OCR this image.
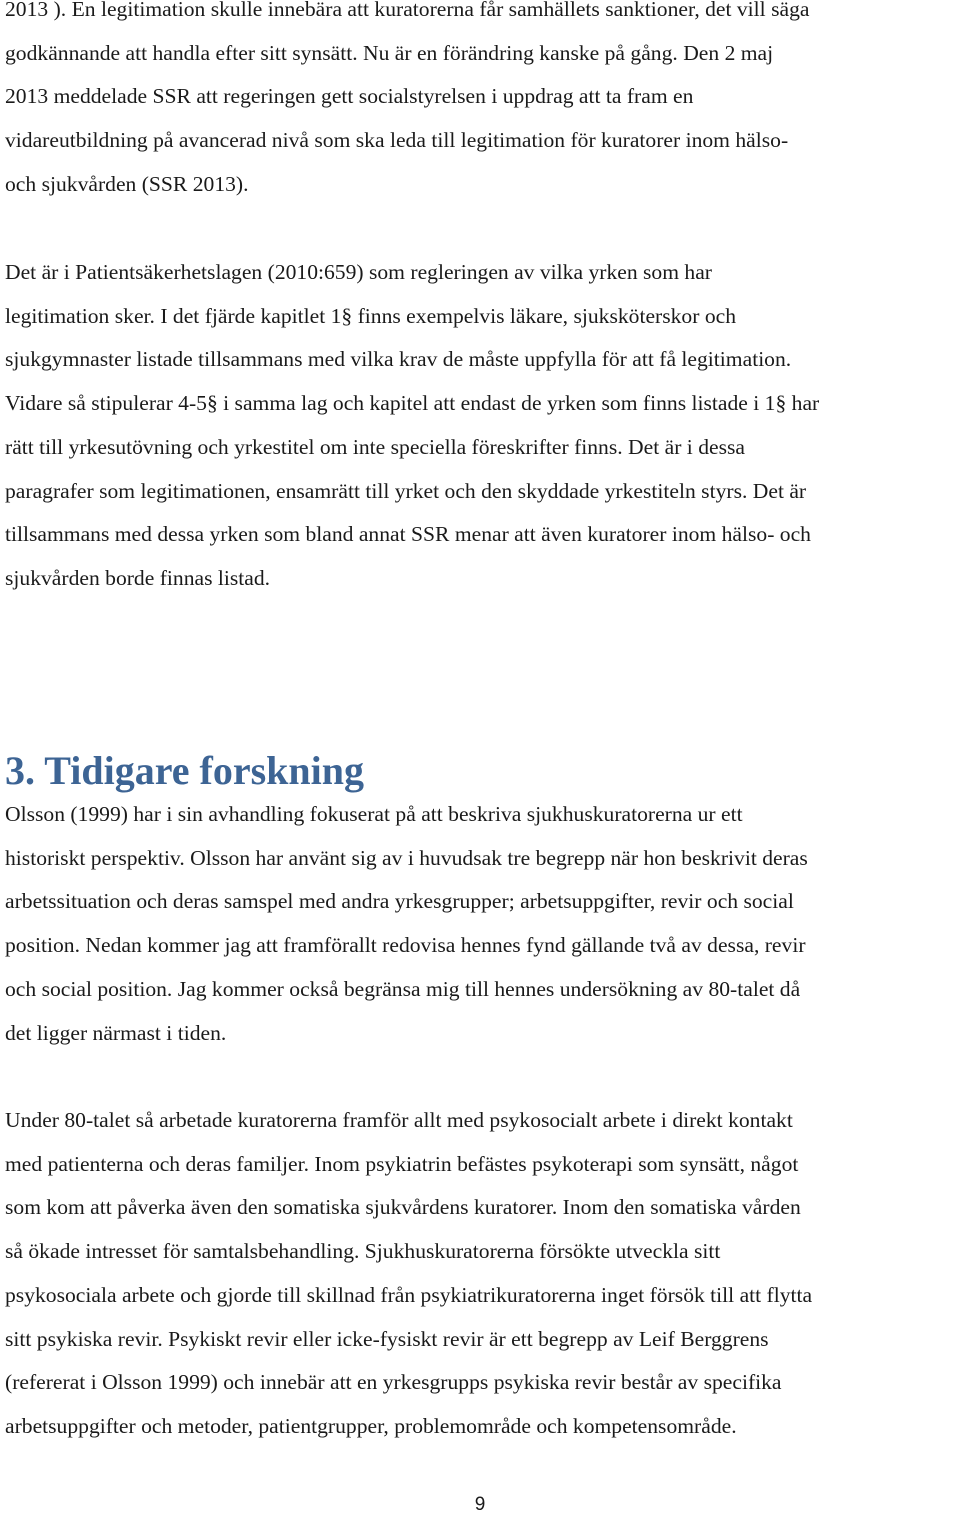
2013 ). En legitimation skulle innebära att kuratorerna får samhällets sanktioner, det vill säga
godkännande att handla efter sitt synsätt. Nu är en förändring kanske på gång. Den 2 maj
2013 meddelade SSR att regeringen gett socialstyrelsen i uppdrag att ta fram en
vidareutbildning på avancerad nivå som ska leda till legitimation för kuratorer inom hälso-
och sjukvården (SSR 2013).
Det är i Patientsäkerhetslagen (2010:659) som regleringen av vilka yrken som har
legitimation sker. I det fjärde kapitlet 1§ finns exempelvis läkare, sjuksköterskor och
sjukgymnaster listade tillsammans med vilka krav de måste uppfylla för att få legitimation.
Vidare så stipulerar 4-5§ i samma lag och kapitel att endast de yrken som finns listade i 1§ har
rätt till yrkesutövning och yrkestitel om inte speciella föreskrifter finns. Det är i dessa
paragrafer som legitimationen, ensamrätt till yrket och den skyddade yrkestiteln styrs. Det är
tillsammans med dessa yrken som bland annat SSR menar att även kuratorer inom hälso- och
sjukvården borde finnas listad.
3. Tidigare forskning
Olsson (1999) har i sin avhandling fokuserat på att beskriva sjukhuskuratorerna ur ett
historiskt perspektiv. Olsson har använt sig av i huvudsak tre begrepp när hon beskrivit deras
arbetssituation och deras samspel med andra yrkesgrupper; arbetsuppgifter, revir och social
position. Nedan kommer jag att framförallt redovisa hennes fynd gällande två av dessa, revir
och social position. Jag kommer också begränsa mig till hennes undersökning av 80-talet då
det ligger närmast i tiden.
Under 80-talet så arbetade kuratorerna framför allt med psykosocialt arbete i direkt kontakt
med patienterna och deras familjer. Inom psykiatrin befästes psykoterapi som synsätt, något
som kom att påverka även den somatiska sjukvårdens kuratorer. Inom den somatiska vården
så ökade intresset för samtalsbehandling. Sjukhuskuratorerna försökte utveckla sitt
psykosociala arbete och gjorde till skillnad från psykiatrikuratorerna inget försök till att flytta
sitt psykiska revir. Psykiskt revir eller icke-fysiskt revir är ett begrepp av Leif Berggrens
(refererat i Olsson 1999) och innebär att en yrkesgrupps psykiska revir består av specifika
arbetsuppgifter och metoder, patientgrupper, problemområde och kompetensområde.
9
